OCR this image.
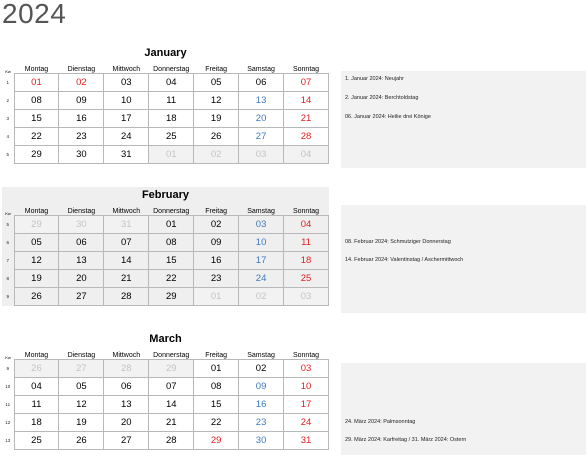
2024
January
Kw	Montag	Dienstag	Mittwoch	Donnerstag	Freitag	Samstag	Sonntag
1	01	02	03	04	05	06	07
2	08	09	10	11	12	13	14
3	15	16	17	18	19	20	21
4	22	23	24	25	26	27	28
5	29	30	31	01	02	03	04
1. Januar 2024: Neujahr
2. Januar 2024: Berchtoldstag
06. Januar 2024: Heilie drei Könige
February
Kw	Montag	Dienstag	Mittwoch	Donnerstag	Freitag	Samstag	Sonntag
5	29	30	31	01	02	03	04
6	05	06	07	08	09	10	11
7	12	13	14	15	16	17	18
8	19	20	21	22	23	24	25
9	26	27	28	29	01	02	03
08. Februar 2024: Schmutziger Donnerstag
14. Februar 2024: Valentinstag / Aschermittwoch
March
Kw	Montag	Dienstag	Mittwoch	Donnerstag	Freitag	Samstag	Sonntag
9	26	27	28	29	01	02	03
10	04	05	06	07	08	09	10
11	11	12	13	14	15	16	17
12	18	19	20	21	22	23	24
13	25	26	27	28	29	30	31
24. März 2024: Palmsonntag
29. März 2024: Karfreitag / 31. März 2024: Ostern
